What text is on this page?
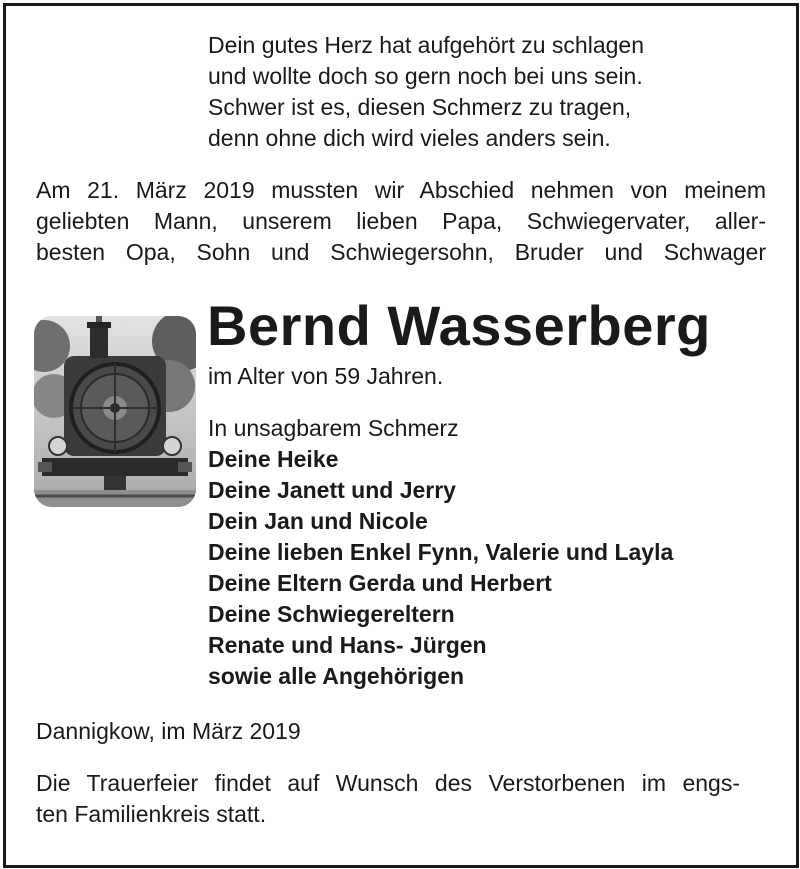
Dein gutes Herz hat aufgehört zu schlagen
und wollte doch so gern noch bei uns sein.
Schwer ist es, diesen Schmerz zu tragen,
denn ohne dich wird vieles anders sein.
Am 21. März 2019 mussten wir Abschied nehmen von meinem
geliebten Mann, unserem lieben Papa, Schwiegervater, aller-
besten Opa, Sohn und Schwiegersohn, Bruder und Schwager
Bernd Wasserberg
im Alter von 59 Jahren.
In unsagbarem Schmerz
Deine Heike
Deine Janett und Jerry
Dein Jan und Nicole
Deine lieben Enkel Fynn, Valerie und Layla
Deine Eltern Gerda und Herbert
Deine Schwiegereltern
Renate und Hans- Jürgen
sowie alle Angehörigen
Dannigkow, im März 2019
Die Trauerfeier findet auf Wunsch des Verstorbenen im engs-
ten Familienkreis statt.
